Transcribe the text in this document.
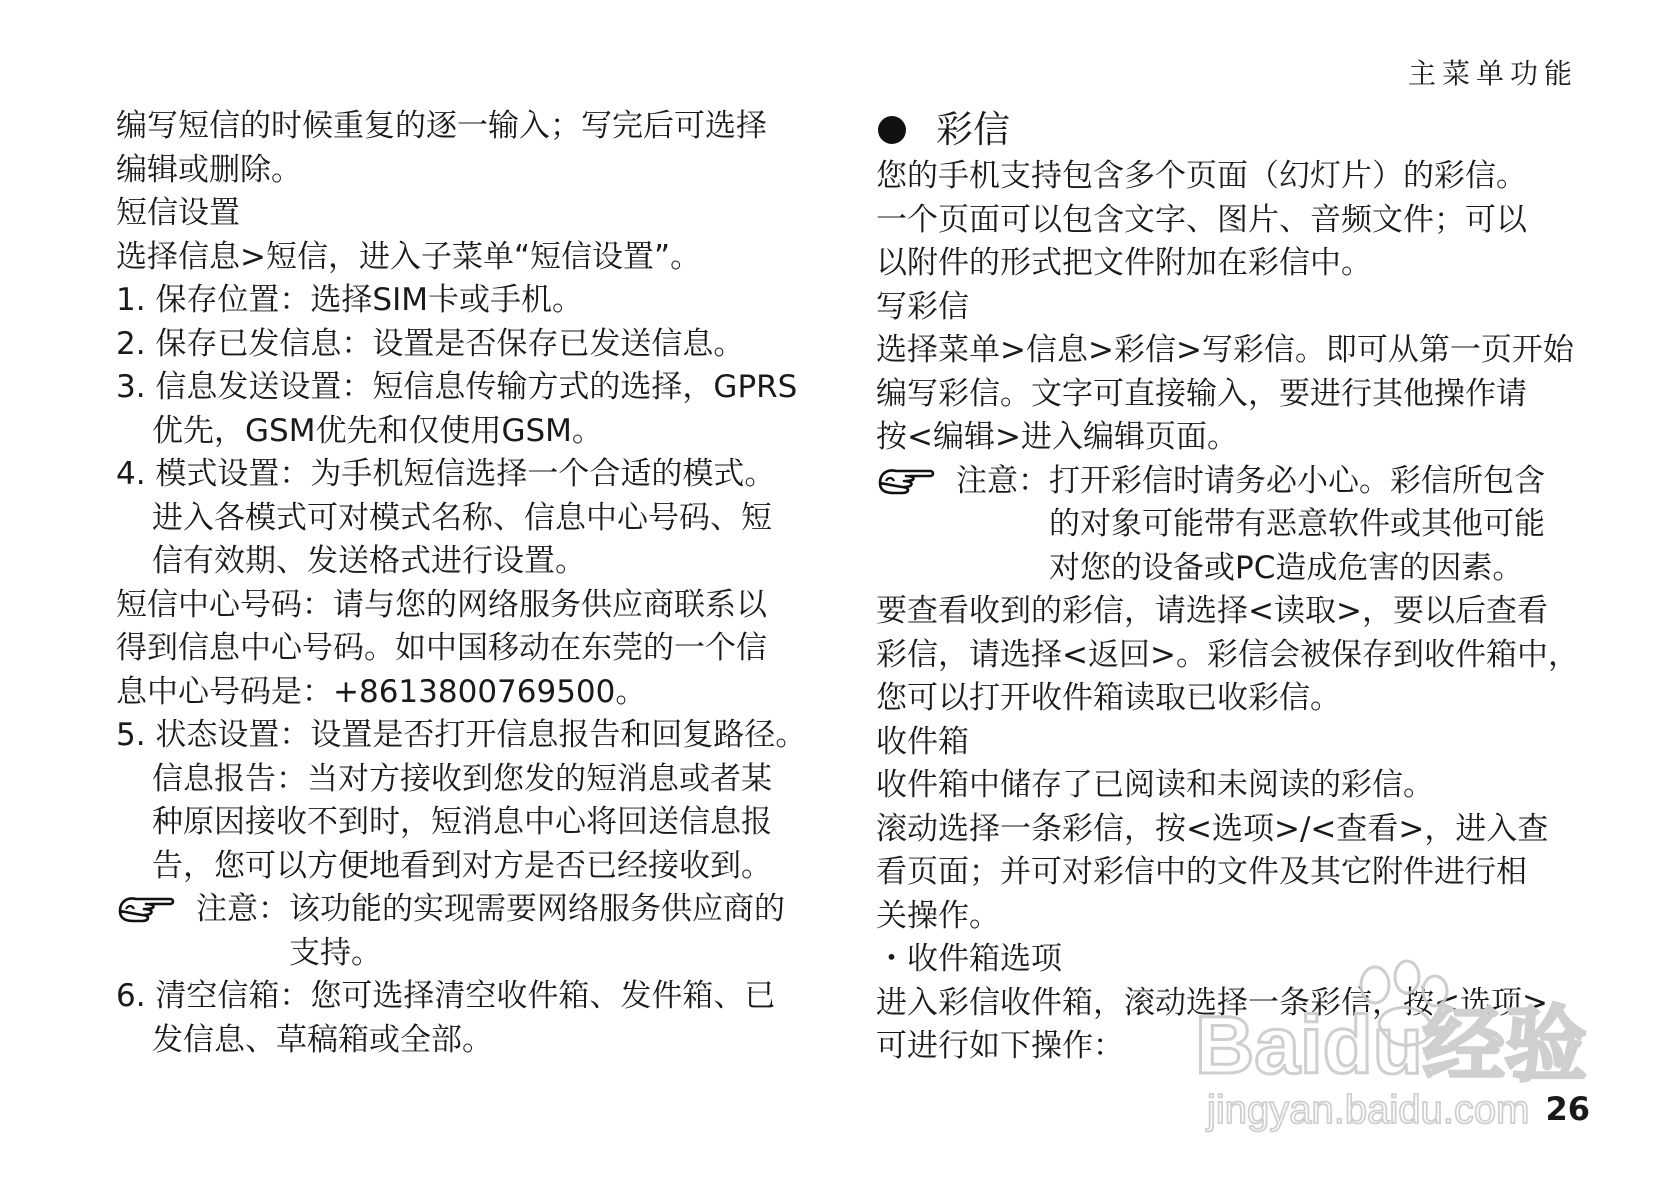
主菜单功能

编写短信的时候重复的逐一输入；写完后可选择

编辑或删除。

短信设置

选择信息>短信，进入子菜单“短信设置”。

1. 保存位置：选择SIM卡或手机。

2. 保存已发信息：设置是否保存已发送信息。

3. 信息发送设置：短信息传输方式的选择，GPRS

优先，GSM优先和仅使用GSM。

4. 模式设置：为手机短信选择一个合适的模式。

进入各模式可对模式名称、信息中心号码、短

信有效期、发送格式进行设置。

短信中心号码：请与您的网络服务供应商联系以

得到信息中心号码。如中国移动在东莞的一个信

息中心号码是：+8613800769500。

5. 状态设置：设置是否打开信息报告和回复路径。

信息报告：当对方接收到您发的短消息或者某

种原因接收不到时，短消息中心将回送信息报

告，您可以方便地看到对方是否已经接收到。

注意： 该功能的实现需要网络服务供应商的
支持。

6. 清空信箱：您可选择清空收件箱、发件箱、已

发信息、草稿箱或全部。

彩信

您的手机支持包含多个页面（幻灯片）的彩信。

一个页面可以包含文字、图片、音频文件；可以

以附件的形式把文件附加在彩信中。

写彩信

选择菜单>信息>彩信>写彩信。即可从第一页开始

编写彩信。文字可直接输入，要进行其他操作请

按<编辑>进入编辑页面。

注意： 打开彩信时请务必小心。彩信所包含
的对象可能带有恶意软件或其他可能
对您的设备或PC造成危害的因素。

要查看收到的彩信，请选择<读取>，要以后查看

彩信，请选择<返回>。彩信会被保存到收件箱中，

您可以打开收件箱读取已收彩信。

收件箱

收件箱中储存了已阅读和未阅读的彩信。

滚动选择一条彩信，按<选项>/<查看>，进入查

看页面；并可对彩信中的文件及其它附件进行相

关操作。

・收件箱选项

进入彩信收件箱，滚动选择一条彩信，按<选项>

可进行如下操作：

26
Baidu经验
jingyan.baidu.com
